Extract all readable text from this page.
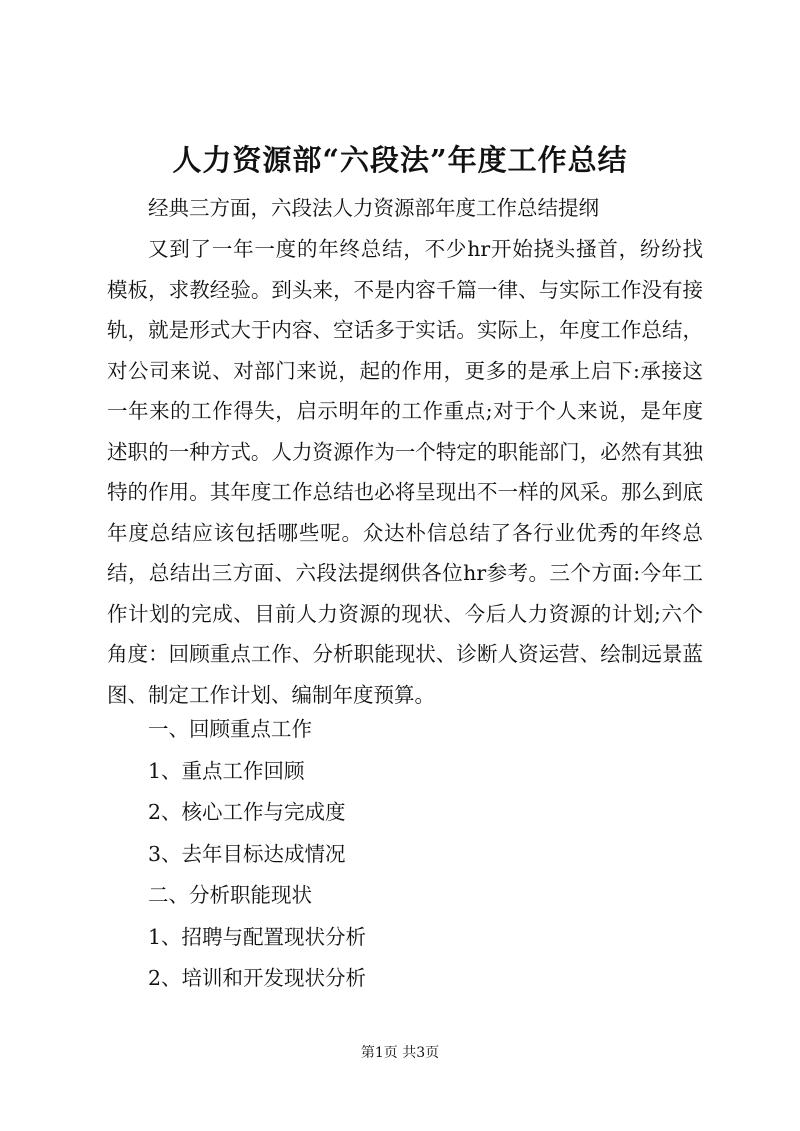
人力资源部“六段法”年度工作总结
经典三方面，六段法人力资源部年度工作总结提纲
又到了一年一度的年终总结，不少hr开始挠头搔首，纷纷找模板，求教经验。到头来，不是内容千篇一律、与实际工作没有接轨，就是形式大于内容、空话多于实话。实际上，年度工作总结，对公司来说、对部门来说，起的作用，更多的是承上启下:承接这一年来的工作得失，启示明年的工作重点;对于个人来说，是年度述职的一种方式。人力资源作为一个特定的职能部门，必然有其独特的作用。其年度工作总结也必将呈现出不一样的风采。那么到底年度总结应该包括哪些呢。众达朴信总结了各行业优秀的年终总结，总结出三方面、六段法提纲供各位hr参考。三个方面:今年工作计划的完成、目前人力资源的现状、今后人力资源的计划;六个角度：回顾重点工作、分析职能现状、诊断人资运营、绘制远景蓝图、制定工作计划、编制年度预算。
一、回顾重点工作
1、重点工作回顾
2、核心工作与完成度
3、去年目标达成情况
二、分析职能现状
1、招聘与配置现状分析
2、培训和开发现状分析
第1页 共3页
